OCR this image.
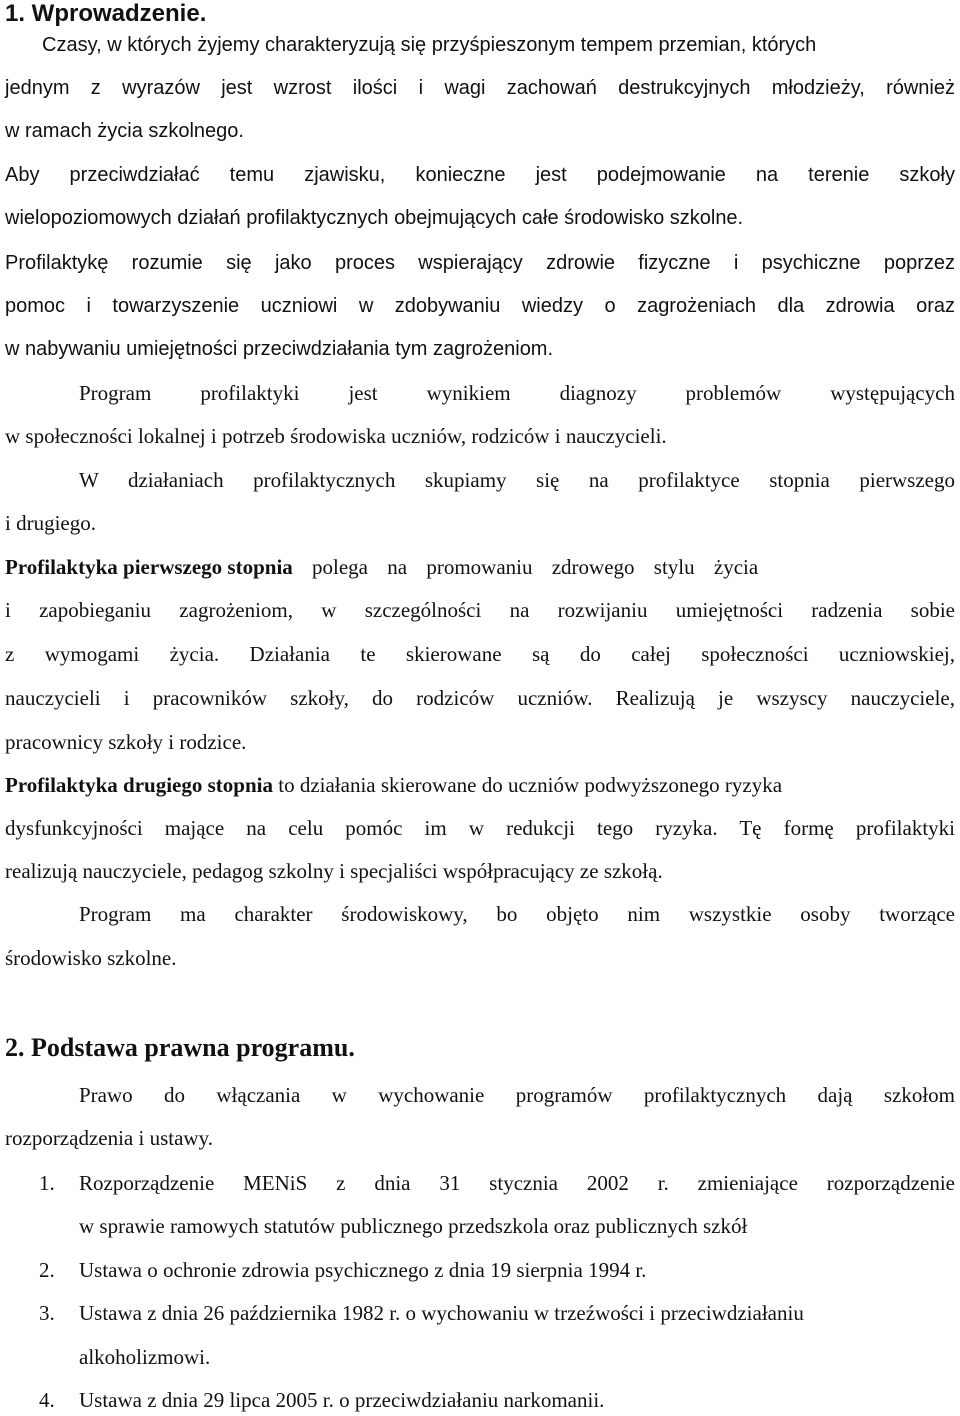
1. Wprowadzenie.
Czasy, w których żyjemy charakteryzują się przyśpieszonym tempem przemian, których
jednym z wyrazów jest wzrost ilości i wagi zachowań destrukcyjnych młodzieży, również
w ramach życia szkolnego.
Aby przeciwdziałać temu zjawisku, konieczne jest podejmowanie na terenie szkoły
wielopoziomowych działań profilaktycznych obejmujących całe środowisko szkolne.
Profilaktykę rozumie się jako proces wspierający zdrowie fizyczne i psychiczne poprzez
pomoc i towarzyszenie uczniowi w zdobywaniu wiedzy o zagrożeniach dla zdrowia oraz
w nabywaniu umiejętności przeciwdziałania tym zagrożeniom.
Program profilaktyki jest wynikiem diagnozy problemów występujących
w społeczności lokalnej i potrzeb środowiska uczniów, rodziców i nauczycieli.
W działaniach profilaktycznych skupiamy się na profilaktyce stopnia pierwszego
i drugiego.
Profilaktyka pierwszego stopnia polega na promowaniu zdrowego stylu życia
i zapobieganiu zagrożeniom, w szczególności na rozwijaniu umiejętności radzenia sobie
z wymogami życia. Działania te skierowane są do całej społeczności uczniowskiej,
nauczycieli i pracowników szkoły, do rodziców uczniów. Realizują je wszyscy nauczyciele,
pracownicy szkoły i rodzice.
Profilaktyka drugiego stopnia to działania skierowane do uczniów podwyższonego ryzyka
dysfunkcyjności mające na celu pomóc im w redukcji tego ryzyka. Tę formę profilaktyki
realizują nauczyciele, pedagog szkolny i specjaliści współpracujący ze szkołą.
Program ma charakter środowiskowy, bo objęto nim wszystkie osoby tworzące
środowisko szkolne.
2. Podstawa prawna programu.
Prawo do włączania w wychowanie programów profilaktycznych dają szkołom
rozporządzenia i ustawy.
1. Rozporządzenie MENiS z dnia 31 stycznia 2002 r. zmieniające rozporządzenie
w sprawie ramowych statutów publicznego przedszkola oraz publicznych szkół
2. Ustawa o ochronie zdrowia psychicznego z dnia 19 sierpnia 1994 r.
3. Ustawa z dnia 26 października 1982 r. o wychowaniu w trzeźwości i przeciwdziałaniu
alkoholizmowi.
4. Ustawa z dnia 29 lipca 2005 r. o przeciwdziałaniu narkomanii.
